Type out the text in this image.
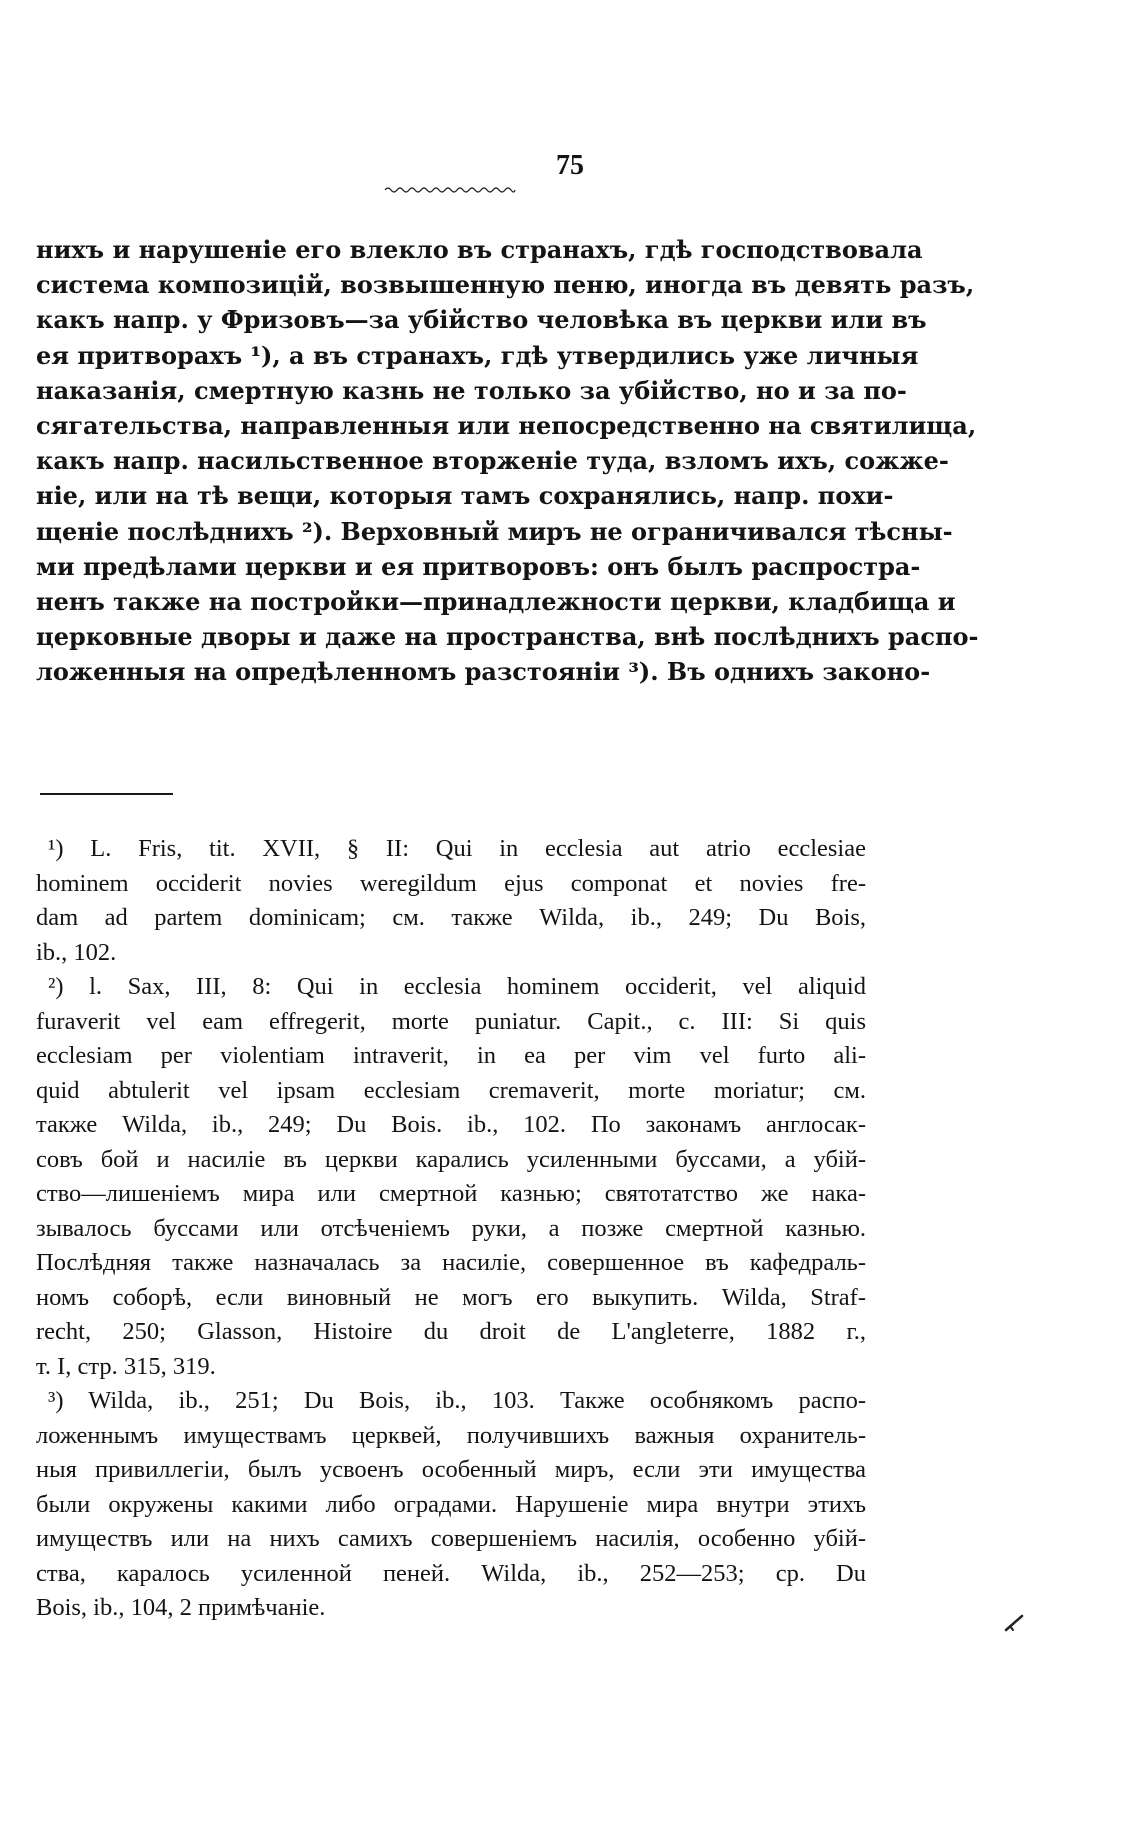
75
нихъ и нарушеніе его влекло въ странахъ, гдѣ господствовала
система композицій, возвышенную пеню, иногда въ девять разъ,
какъ напр. у Фризовъ—за убійство человѣка въ церкви или въ
ея притворахъ ¹), а въ странахъ, гдѣ утвердились уже личныя
наказанія, смертную казнь не только за убійство, но и за по-
сягательства, направленныя или непосредственно на святилища,
какъ напр. насильственное вторженіе туда, взломъ ихъ, сожже-
ніе, или на тѣ вещи, которыя тамъ сохранялись, напр. похи-
щеніе послѣднихъ ²). Верховный миръ не ограничивался тѣсны-
ми предѣлами церкви и ея притворовъ: онъ былъ распростра-
ненъ также на постройки—принадлежности церкви, кладбища и
церковные дворы и даже на пространства, внѣ послѣднихъ распо-
ложенныя на опредѣленномъ разстояніи ³). Въ однихъ законо-
¹) L. Fris, tit. XVII, § II: Qui in ecclesia aut atrio ecclesiae
hominem occiderit novies weregildum ejus componat et novies fre-
dam ad partem dominicam; см. также Wilda, ib., 249; Du Bois,
ib., 102.
²) l. Sax, III, 8: Qui in ecclesia hominem occiderit, vel aliquid
furaverit vel eam effregerit, morte puniatur. Capit., c. III: Si quis
ecclesiam per violentiam intraverit, in ea per vim vel furto ali-
quid abtulerit vel ipsam ecclesiam cremaverit, morte moriatur; см.
также Wilda, ib., 249; Du Bois. ib., 102. По законамъ англосак-
совъ бой и насиліе въ церкви карались усиленными буссами, а убій-
ство—лишеніемъ мира или смертной казнью; святотатство же нака-
зывалось буссами или отсѣченіемъ руки, а позже смертной казнью.
Послѣдняя также назначалась за насиліе, совершенное въ кафедраль-
номъ соборѣ, если виновный не могъ его выкупить. Wilda, Straf-
recht, 250; Glasson, Histoire du droit de L'angleterre, 1882 г.,
т. I, стр. 315, 319.
³) Wilda, ib., 251; Du Bois, ib., 103. Также особнякомъ распо-
ложеннымъ имуществамъ церквей, получившихъ важныя охранитель-
ныя привиллегіи, былъ усвоенъ особенный миръ, если эти имущества
были окружены какими либо оградами. Нарушеніе мира внутри этихъ
имуществъ или на нихъ самихъ совершеніемъ насилія, особенно убій-
ства, каралось усиленной пеней. Wilda, ib., 252—253; ср. Du
Bois, ib., 104, 2 примѣчаніе.
